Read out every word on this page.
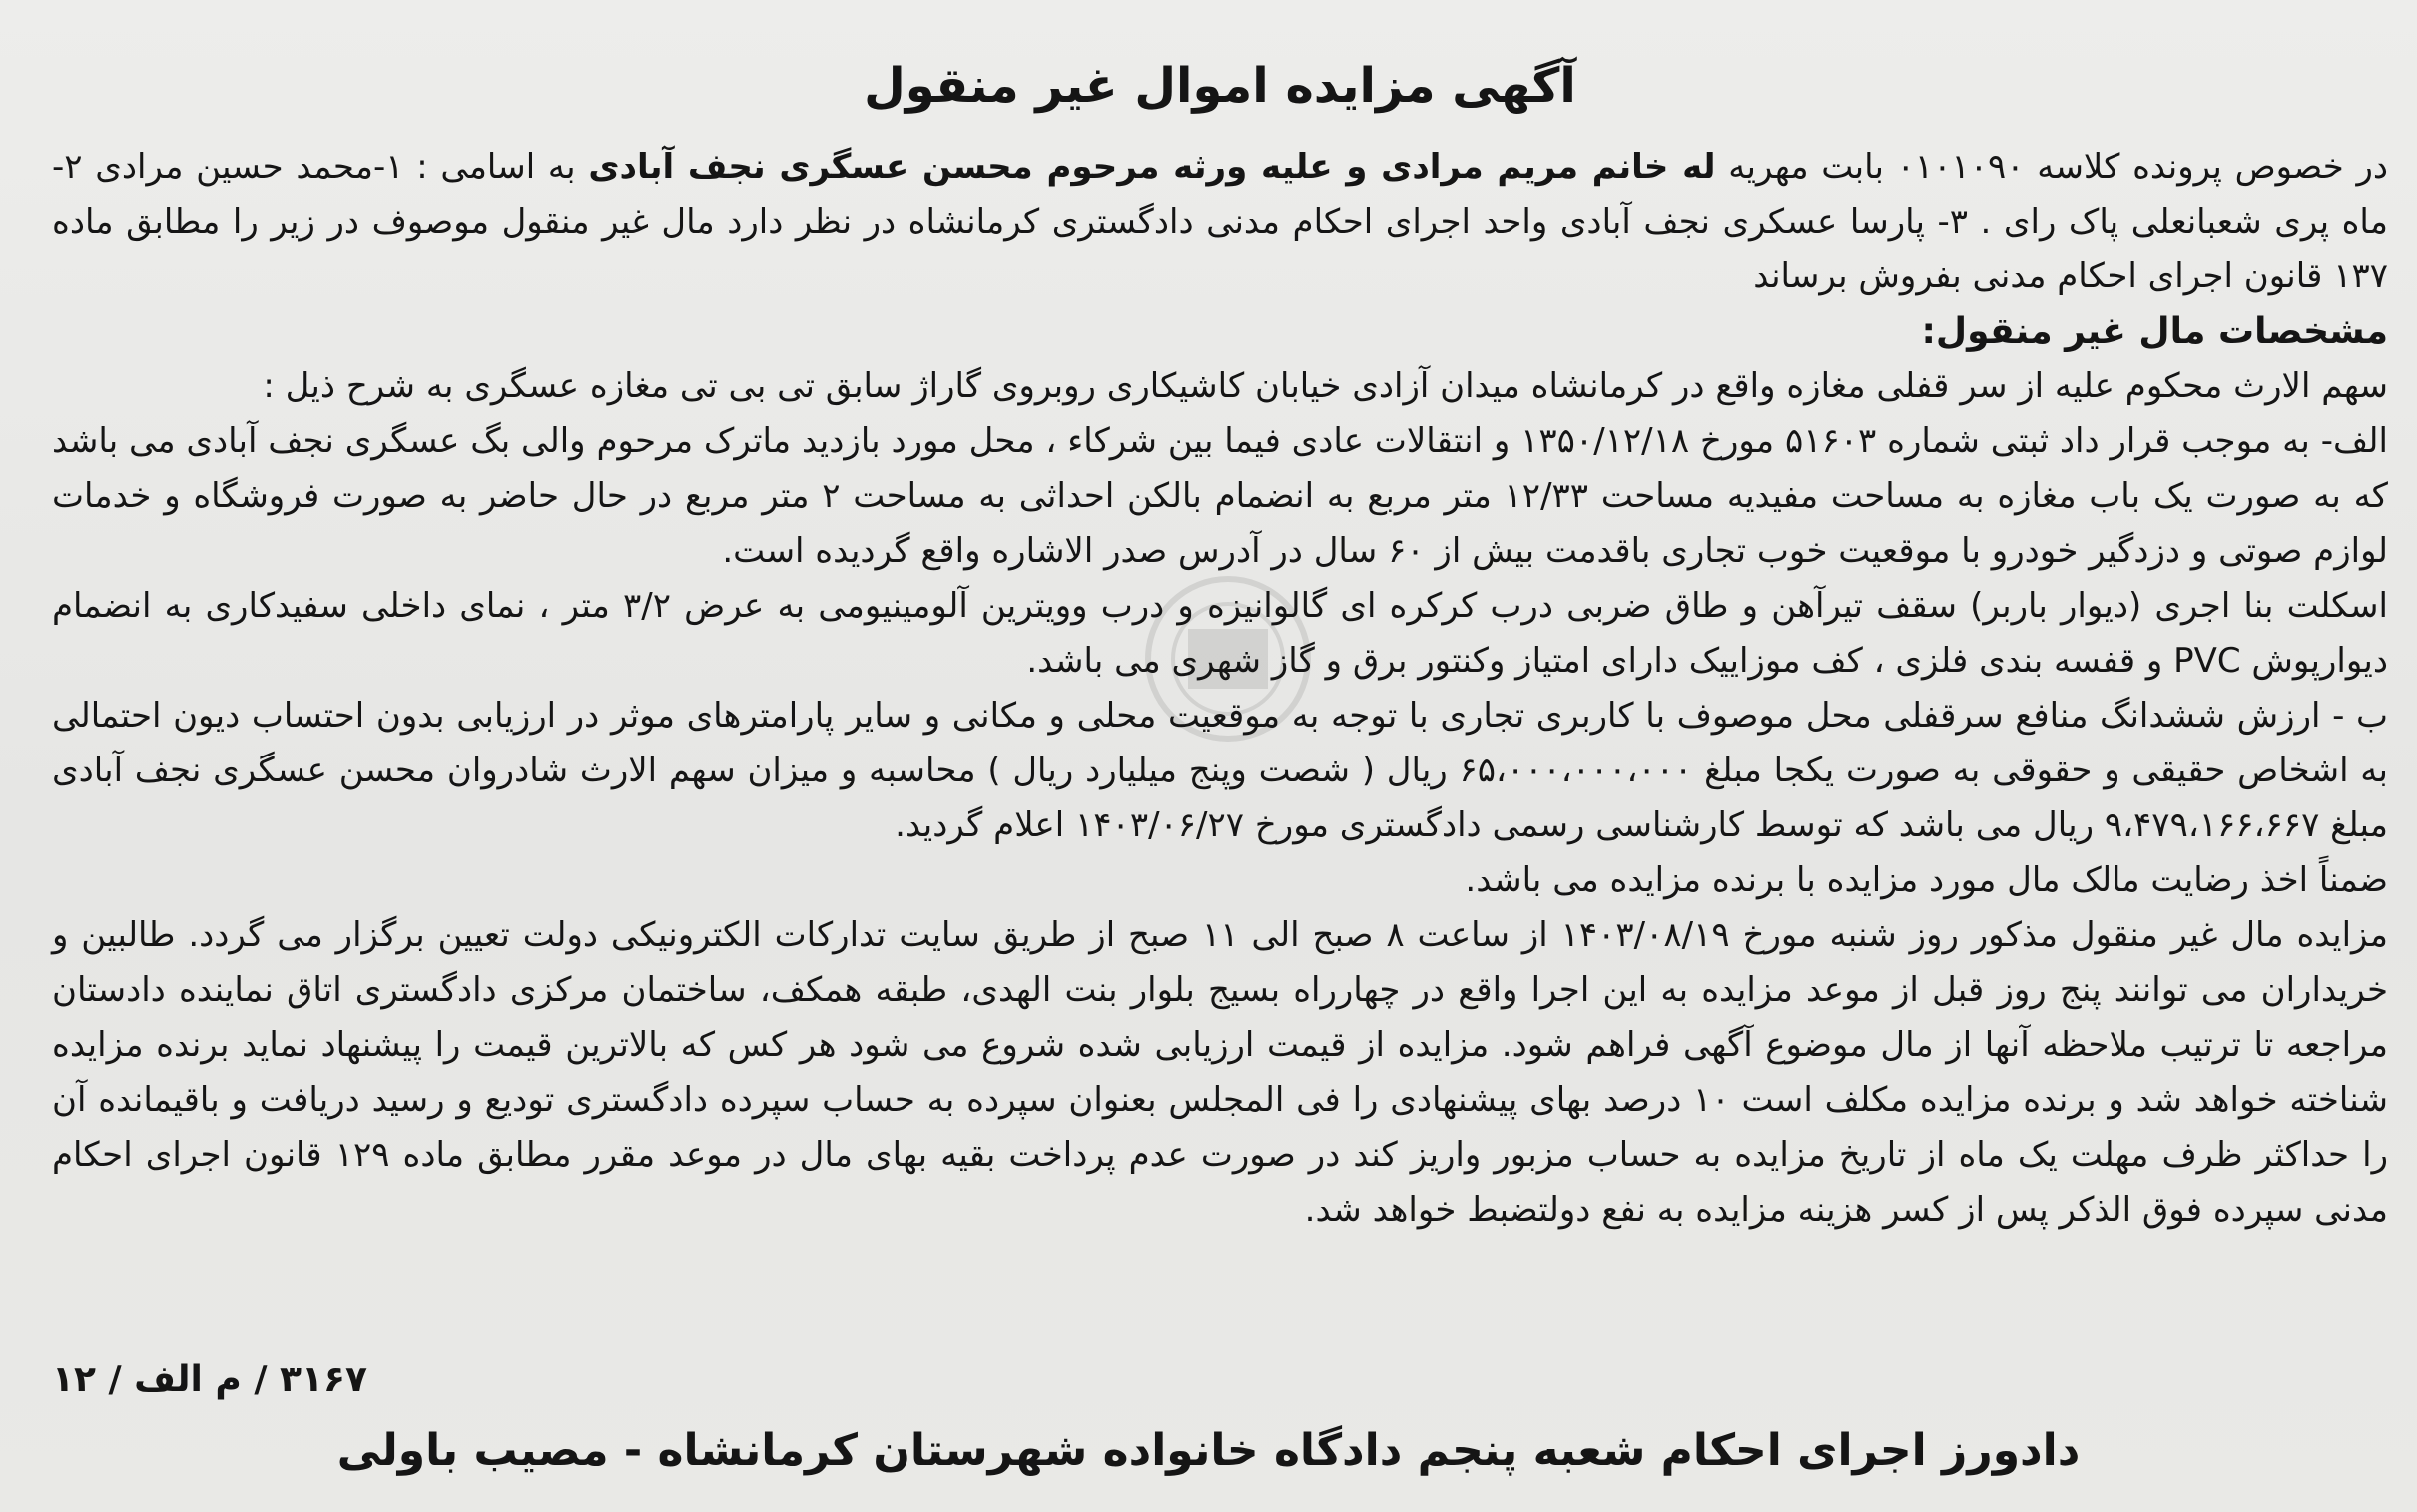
آگهی مزایده اموال غیر منقول

در خصوص پرونده کلاسه ۰۱۰۱۰۹۰ بابت مهریه له خانم مریم مرادی و علیه ورثه مرحوم محسن عسگری نجف آبادی به اسامی : ۱-محمد حسین مرادی ۲- ماه پری شعبانعلی پاک رای . ۳- پارسا عسکری نجف آبادی واحد اجرای احکام مدنی دادگستری کرمانشاه در نظر دارد مال غیر منقول موصوف در زیر را مطابق ماده ۱۳۷ قانون اجرای احکام مدنی بفروش برساند

مشخصات مال غیر منقول:

سهم الارث محکوم علیه از سر قفلی مغازه واقع در کرمانشاه میدان آزادی خیابان کاشیکاری روبروی گاراژ سابق تی بی تی مغازه عسگری به شرح ذیل :

الف- به موجب قرار داد ثبتی شماره ۵۱۶۰۳ مورخ ۱۳۵۰/۱۲/۱۸ و انتقالات عادی فیما بین شرکاء ، محل مورد بازدید ماترک مرحوم والی بگ عسگری نجف آبادی می باشد که به صورت یک باب مغازه به مساحت مفیدیه مساحت ۱۲/۳۳ متر مربع به انضمام بالکن احداثی به مساحت ۲ متر مربع در حال حاضر به صورت فروشگاه و خدمات لوازم صوتی و دزدگیر خودرو با موقعیت خوب تجاری باقدمت بیش از ۶۰ سال در آدرس صدر الاشاره واقع گردیده است.

اسکلت بنا اجری (دیوار باربر) سقف تیرآهن و طاق ضربی درب کرکره ای گالوانیزه و درب وویترین آلومینیومی به عرض ۳/۲ متر ، نمای داخلی سفیدکاری به انضمام دیوارپوش PVC و قفسه بندی فلزی ، کف موزاییک دارای امتیاز وکنتور برق و گاز شهری می باشد.

ب - ارزش ششدانگ منافع سرقفلی محل موصوف با کاربری تجاری با توجه به موقعیت محلی و مکانی و سایر پارامترهای موثر در ارزیابی بدون احتساب دیون احتمالی به اشخاص حقیقی و حقوقی به صورت یکجا مبلغ ۶۵،۰۰۰،۰۰۰،۰۰۰ ریال ( شصت وپنج میلیارد ریال ) محاسبه و میزان سهم الارث شادروان محسن عسگری نجف آبادی مبلغ ۹،۴۷۹،۱۶۶،۶۶۷ ریال می باشد که توسط کارشناسی رسمی دادگستری مورخ ۱۴۰۳/۰۶/۲۷ اعلام گردید.

ضمناً اخذ رضایت مالک مال مورد مزایده با برنده مزایده می باشد.

مزایده مال غیر منقول مذکور روز شنبه مورخ ۱۴۰۳/۰۸/۱۹ از ساعت ۸ صبح الی ۱۱ صبح از طریق سایت تدارکات الکترونیکی دولت تعیین برگزار می گردد. طالبین و خریداران می توانند پنج روز قبل از موعد مزایده به این اجرا واقع در چهارراه بسیج بلوار بنت الهدی، طبقه همکف، ساختمان مرکزی دادگستری اتاق نماینده دادستان مراجعه تا ترتیب ملاحظه آنها از مال موضوع آگهی فراهم شود. مزایده از قیمت ارزیابی شده شروع می شود هر کس که بالاترین قیمت را پیشنهاد نماید برنده مزایده شناخته خواهد شد و برنده مزایده مکلف است ۱۰ درصد بهای پیشنهادی را فی المجلس بعنوان سپرده به حساب سپرده دادگستری تودیع و رسید دریافت و باقیمانده آن را حداکثر ظرف مهلت یک ماه از تاریخ مزایده به حساب مزبور واریز کند در صورت عدم پرداخت بقیه بهای مال در موعد مقرر مطابق ماده ۱۲۹ قانون اجرای احکام مدنی سپرده فوق الذکر پس از کسر هزینه مزایده به نفع دولتضبط خواهد شد.

۳۱۶۷ / م الف / ۱۲
دادورز اجرای احکام شعبه پنجم دادگاه خانواده شهرستان کرمانشاه - مصیب باولی
